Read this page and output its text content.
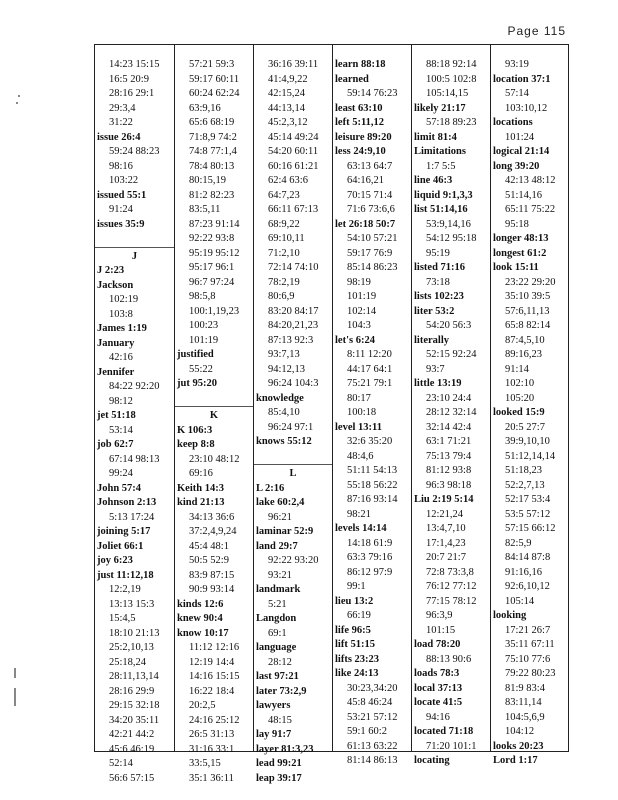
Page 115
14:23 15:15
16:5 20:9
28:16 29:1
29:3,4
31:22
issue 26:4
59:24 88:23
98:16
103:22
issued 55:1
91:24
issues 35:9
J
J 2:23
Jackson
102:19
103:8
James 1:19
January
42:16
Jennifer
84:22 92:20
98:12
jet 51:18
53:14
job 62:7
67:14 98:13
99:24
John 57:4
Johnson 2:13
5:13 17:24
joining 5:17
Joliet 66:1
joy 6:23
just 11:12,18
12:2,19
13:13 15:3
15:4,5
18:10 21:13
25:2,10,13
25:18,24
28:11,13,14
28:16 29:9
29:15 32:18
34:20 35:11
42:21 44:2
45:6 46:19
52:14
56:6 57:15
57:21 59:3
59:17 60:11
60:24 62:24
63:9,16
65:6 68:19
71:8,9 74:2
74:8 77:1,4
78:4 80:13
80:15,19
81:2 82:23
83:5,11
87:23 91:14
92:22 93:8
95:19 95:12
95:17 96:1
96:7 97:24
98:5,8
100:1,19,23
100:23
101:19
justified
55:22
jut 95:20
K
K 106:3
keep 8:8
23:10 48:12
69:16
Keith 14:3
kind 21:13
34:13 36:6
37:2,4,9,24
45:4 48:1
50:5 52:9
83:9 87:15
90:9 93:14
kinds 12:6
knew 90:4
know 10:17
11:12 12:16
12:19 14:4
14:16 15:15
16:22 18:4
20:2,5
24:16 25:12
26:5 31:13
31:16 33:1
33:5,15
35:1 36:11
36:16 39:11
41:4,9,22
42:15,24
44:13,14
45:2,3,12
45:14 49:24
54:20 60:11
60:16 61:21
62:4 63:6
64:7,23
66:11 67:13
68:9,22
69:10,11
71:2,10
72:14 74:10
78:2,19
80:6,9
83:20 84:17
84:20,21,23
87:13 92:3
93:7,13
94:12,13
96:24 104:3
knowledge
85:4,10
96:24 97:1
knows 55:12
L
L 2:16
lake 60:2,4
96:21
laminar 52:9
land 29:7
92:22 93:20
93:21
landmark
5:21
Langdon
69:1
language
28:12
last 97:21
later 73:2,9
lawyers
48:15
lay 91:7
layer 81:3,23
lead 99:21
leap 39:17
learn 88:18
learned
59:14 76:23
least 63:10
left 5:11,12
leisure 89:20
less 24:9,10
63:13 64:7
64:16,21
70:15 71:4
71:6 73:6,6
let 26:18 50:7
54:10 57:21
59:17 76:9
85:14 86:23
98:19
101:19
102:14
104:3
let's 6:24
8:11 12:20
44:17 64:1
75:21 79:1
80:17
100:18
level 13:11
32:6 35:20
48:4,6
51:11 54:13
55:18 56:22
87:16 93:14
98:21
levels 14:14
14:18 61:9
63:3 79:16
86:12 97:9
99:1
lieu 13:2
66:19
life 96:5
lift 51:15
lifts 23:23
like 24:13
30:23,34:20
45:8 46:24
53:21 57:12
59:1 60:2
61:13 63:22
81:14 86:13
88:18 92:14
100:5 102:8
105:14,15
likely 21:17
57:18 89:23
limit 81:4
Limitations
1:7 5:5
line 46:3
liquid 9:1,3,3
list 51:14,16
53:9,14,16
54:12 95:18
95:19
listed 71:16
73:18
lists 102:23
liter 53:2
54:20 56:3
literally
52:15 92:24
93:7
little 13:19
23:10 24:4
28:12 32:14
32:14 42:4
63:1 71:21
75:13 79:4
81:12 93:8
96:3 98:18
Liu 2:19 5:14
12:21,24
13:4,7,10
17:1,4,23
20:7 21:7
72:8 73:3,8
76:12 77:12
77:15 78:12
96:3,9
101:15
load 78:20
88:13 90:6
loads 78:3
local 37:13
locate 41:5
94:16
located 71:18
71:20 101:1
locating
93:19
location 37:1
57:14
103:10,12
locations
101:24
logical 21:14
long 39:20
42:13 48:12
51:14,16
65:11 75:22
95:18
longer 48:13
longest 61:2
look 15:11
23:22 29:20
35:10 39:5
57:6,11,13
65:8 82:14
87:4,5,10
89:16,23
91:14
102:10
105:20
looked 15:9
20:5 27:7
39:9,10,10
51:12,14,14
51:18,23
52:2,7,13
52:17 53:4
53:5 57:12
57:15 66:12
82:5,9
84:14 87:8
91:16,16
92:6,10,12
105:14
looking
17:21 26:7
35:11 67:11
75:10 77:6
79:22 80:23
81:9 83:4
83:11,14
104:5,6,9
104:12
looks 20:23
Lord 1:17
